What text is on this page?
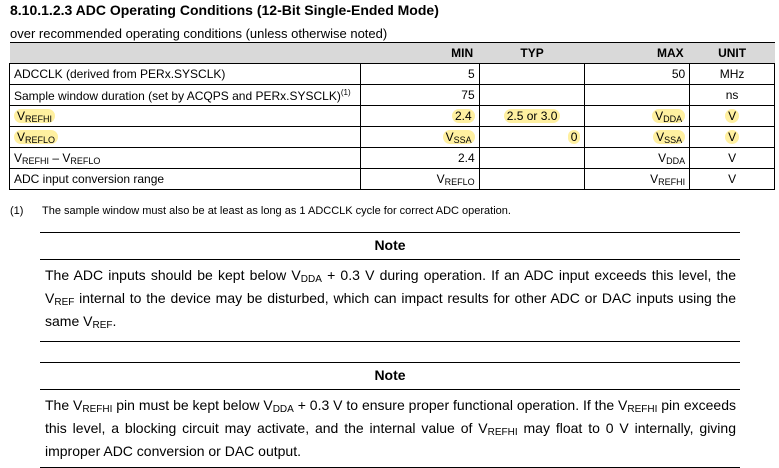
8.10.1.2.3 ADC Operating Conditions (12-Bit Single-Ended Mode)
over recommended operating conditions (unless otherwise noted)
	MIN	TYP	MAX	UNIT
ADCCLK (derived from PERx.SYSCLK)	5		50	MHz
Sample window duration (set by ACQPS and PERx.SYSCLK)$^{(1)}$	75			ns
$V_{REFHI}$	2.4	2.5 or 3.0	$V_{DDA}$	V
$V_{REFLO}$	$V_{SSA}$	0	$V_{SSA}$	V
$V_{REFHI} - V_{REFLO}$	2.4		$V_{DDA}$	V
ADC input conversion range	$V_{REFLO}$		$V_{REFHI}$	V
(1) The sample window must also be at least as long as 1 ADCCLK cycle for correct ADC operation.
Note
The ADC inputs should be kept below $V_{DDA} + 0.3$ V during operation. If an ADC input exceeds this level, the $V_{REF}$ internal to the device may be disturbed, which can impact results for other ADC or DAC inputs using the same $V_{REF}$.
Note
The $V_{REFHI}$ pin must be kept below $V_{DDA} + 0.3$ V to ensure proper functional operation. If the $V_{REFHI}$ pin exceeds this level, a blocking circuit may activate, and the internal value of $V_{REFHI}$ may float to 0 V internally, giving improper ADC conversion or DAC output.
